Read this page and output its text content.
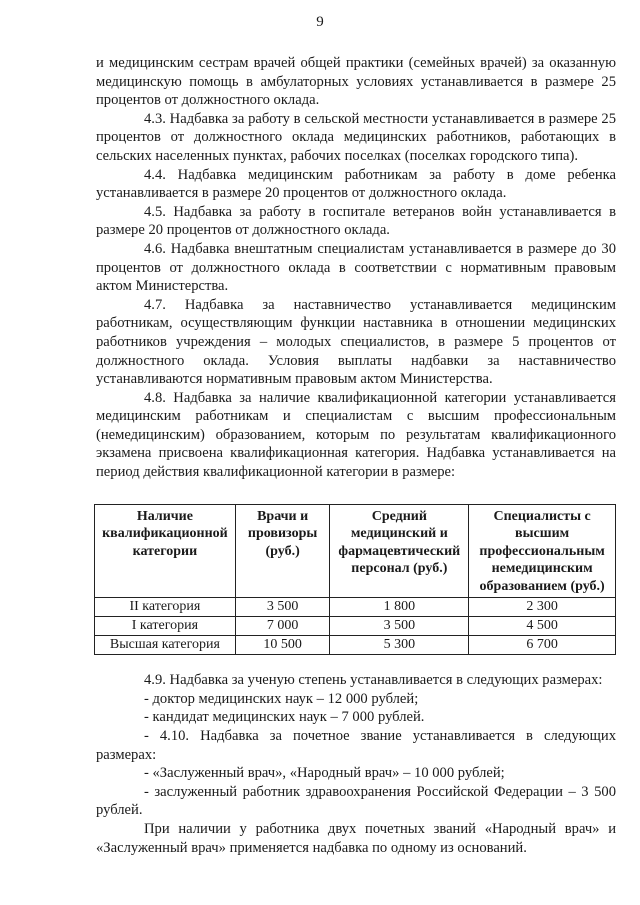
9

и медицинским сестрам врачей общей практики (семейных врачей) за оказанную медицинскую помощь в амбулаторных условиях устанавливается в размере 25 процентов от должностного оклада.

4.3. Надбавка за работу в сельской местности устанавливается в размере 25 процентов от должностного оклада медицинских работников, работающих в сельских населенных пунктах, рабочих поселках (поселках городского типа).

4.4. Надбавка медицинским работникам за работу в доме ребенка устанавливается в размере 20 процентов от должностного оклада.

4.5. Надбавка за работу в госпитале ветеранов войн устанавливается в размере 20 процентов от должностного оклада.

4.6. Надбавка внештатным специалистам устанавливается в размере до 30 процентов от должностного оклада в соответствии с нормативным правовым актом Министерства.

4.7. Надбавка за наставничество устанавливается медицинским работникам, осуществляющим функции наставника в отношении медицинских работников учреждения – молодых специалистов, в размере 5 процентов от должностного оклада. Условия выплаты надбавки за наставничество устанавливаются нормативным правовым актом Министерства.

4.8. Надбавка за наличие квалификационной категории устанавливается медицинским работникам и специалистам с высшим профессиональным (немедицинским) образованием, которым по результатам квалификационного экзамена присвоена квалификационная категория. Надбавка устанавливается на период действия квалификационной категории в размере:

Наличие квалификационной категории	Врачи и провизоры (руб.)	Средний медицинский и фармацевтический персонал (руб.)	Специалисты с высшим профессиональным немедицинским образованием (руб.)
II категория	3 500	1 800	2 300
I категория	7 000	3 500	4 500
Высшая категория	10 500	5 300	6 700

4.9. Надбавка за ученую степень устанавливается в следующих размерах:

- доктор медицинских наук – 12 000 рублей;

- кандидат медицинских наук – 7 000 рублей.

- 4.10. Надбавка за почетное звание устанавливается в следующих размерах:

- «Заслуженный врач», «Народный врач» – 10 000 рублей;

- заслуженный работник здравоохранения Российской Федерации – 3 500 рублей.

При наличии у работника двух почетных званий «Народный врач» и «Заслуженный врач» применяется надбавка по одному из оснований.
